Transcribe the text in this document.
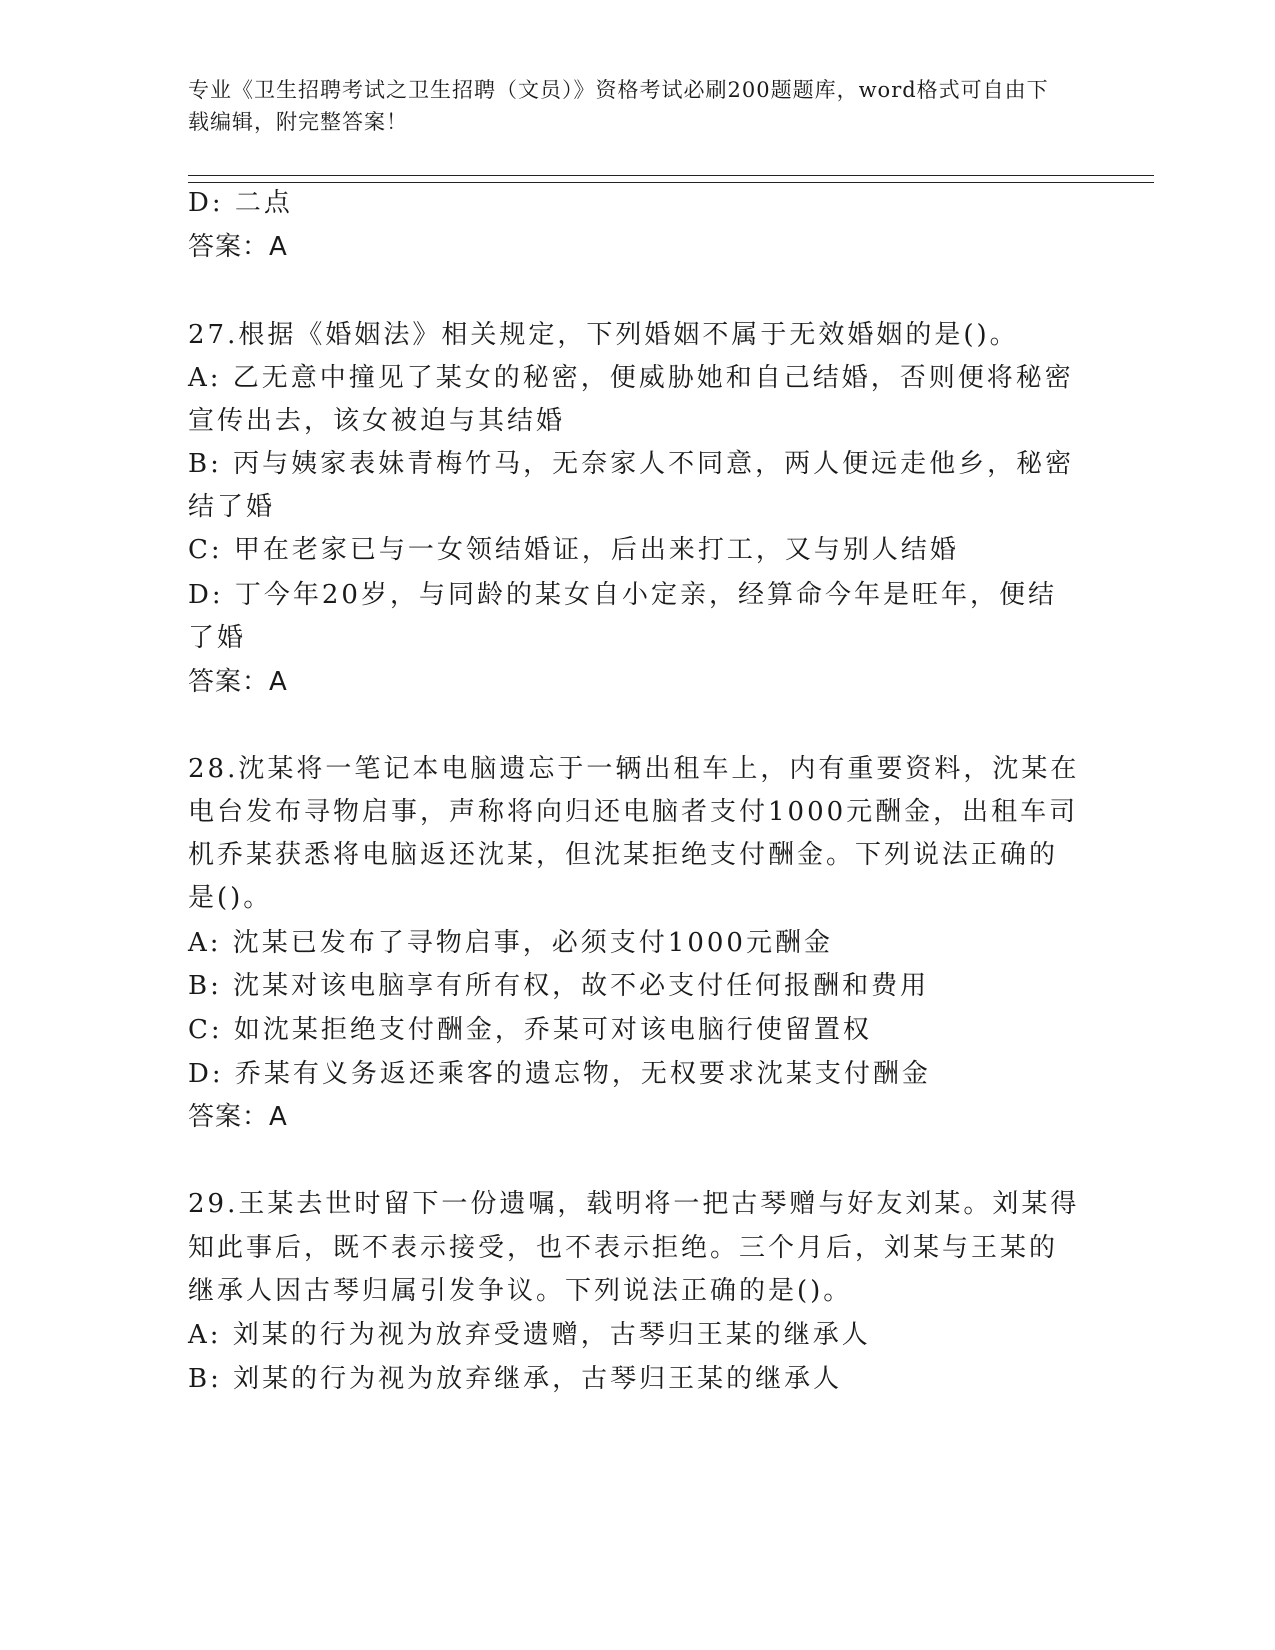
专业《卫生招聘考试之卫生招聘（文员）》资格考试必刷200题题库，word格式可自由下载编辑，附完整答案！
D: 二点
答案：A
27.根据《婚姻法》相关规定，下列婚姻不属于无效婚姻的是()。
A: 乙无意中撞见了某女的秘密，便威胁她和自己结婚，否则便将秘密
宣传出去，该女被迫与其结婚
B: 丙与姨家表妹青梅竹马，无奈家人不同意，两人便远走他乡，秘密
结了婚
C: 甲在老家已与一女领结婚证，后出来打工，又与别人结婚
D: 丁今年20岁，与同龄的某女自小定亲，经算命今年是旺年，便结
了婚
答案：A
28.沈某将一笔记本电脑遗忘于一辆出租车上，内有重要资料，沈某在
电台发布寻物启事，声称将向归还电脑者支付1000元酬金，出租车司
机乔某获悉将电脑返还沈某，但沈某拒绝支付酬金。下列说法正确的
是()。
A: 沈某已发布了寻物启事，必须支付1000元酬金
B: 沈某对该电脑享有所有权，故不必支付任何报酬和费用
C: 如沈某拒绝支付酬金，乔某可对该电脑行使留置权
D: 乔某有义务返还乘客的遗忘物，无权要求沈某支付酬金
答案：A
29.王某去世时留下一份遗嘱，载明将一把古琴赠与好友刘某。刘某得
知此事后，既不表示接受，也不表示拒绝。三个月后，刘某与王某的
继承人因古琴归属引发争议。下列说法正确的是()。
A: 刘某的行为视为放弃受遗赠，古琴归王某的继承人
B: 刘某的行为视为放弃继承，古琴归王某的继承人
